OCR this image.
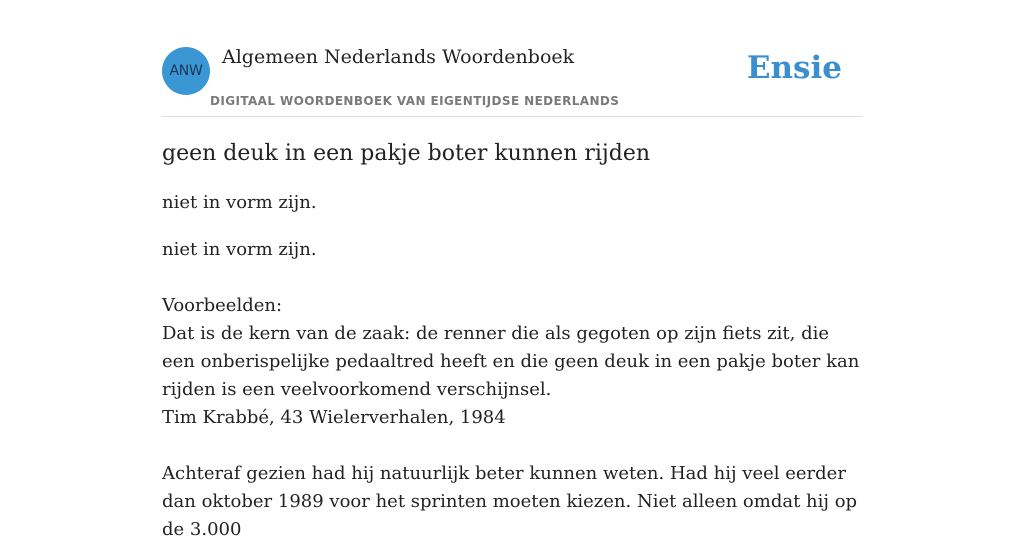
ANW
Algemeen Nederlands Woordenboek
DIGITAAL WOORDENBOEK VAN EIGENTIJDSE NEDERLANDS
Ensie
geen deuk in een pakje boter kunnen rijden

niet in vorm zijn.

niet in vorm zijn.

Voorbeelden:

Dat is de kern van de zaak: de renner die als gegoten op zijn fiets zit, die een onberispelijke pedaaltred heeft en die geen deuk in een pakje boter kan rijden is een veelvoorkomend verschijnsel.

Tim Krabbé, 43 Wielerverhalen, 1984

Achteraf gezien had hij natuurlijk beter kunnen weten. Had hij veel eerder dan oktober 1989 voor het sprinten moeten kiezen. Niet alleen omdat hij op de 3.000
